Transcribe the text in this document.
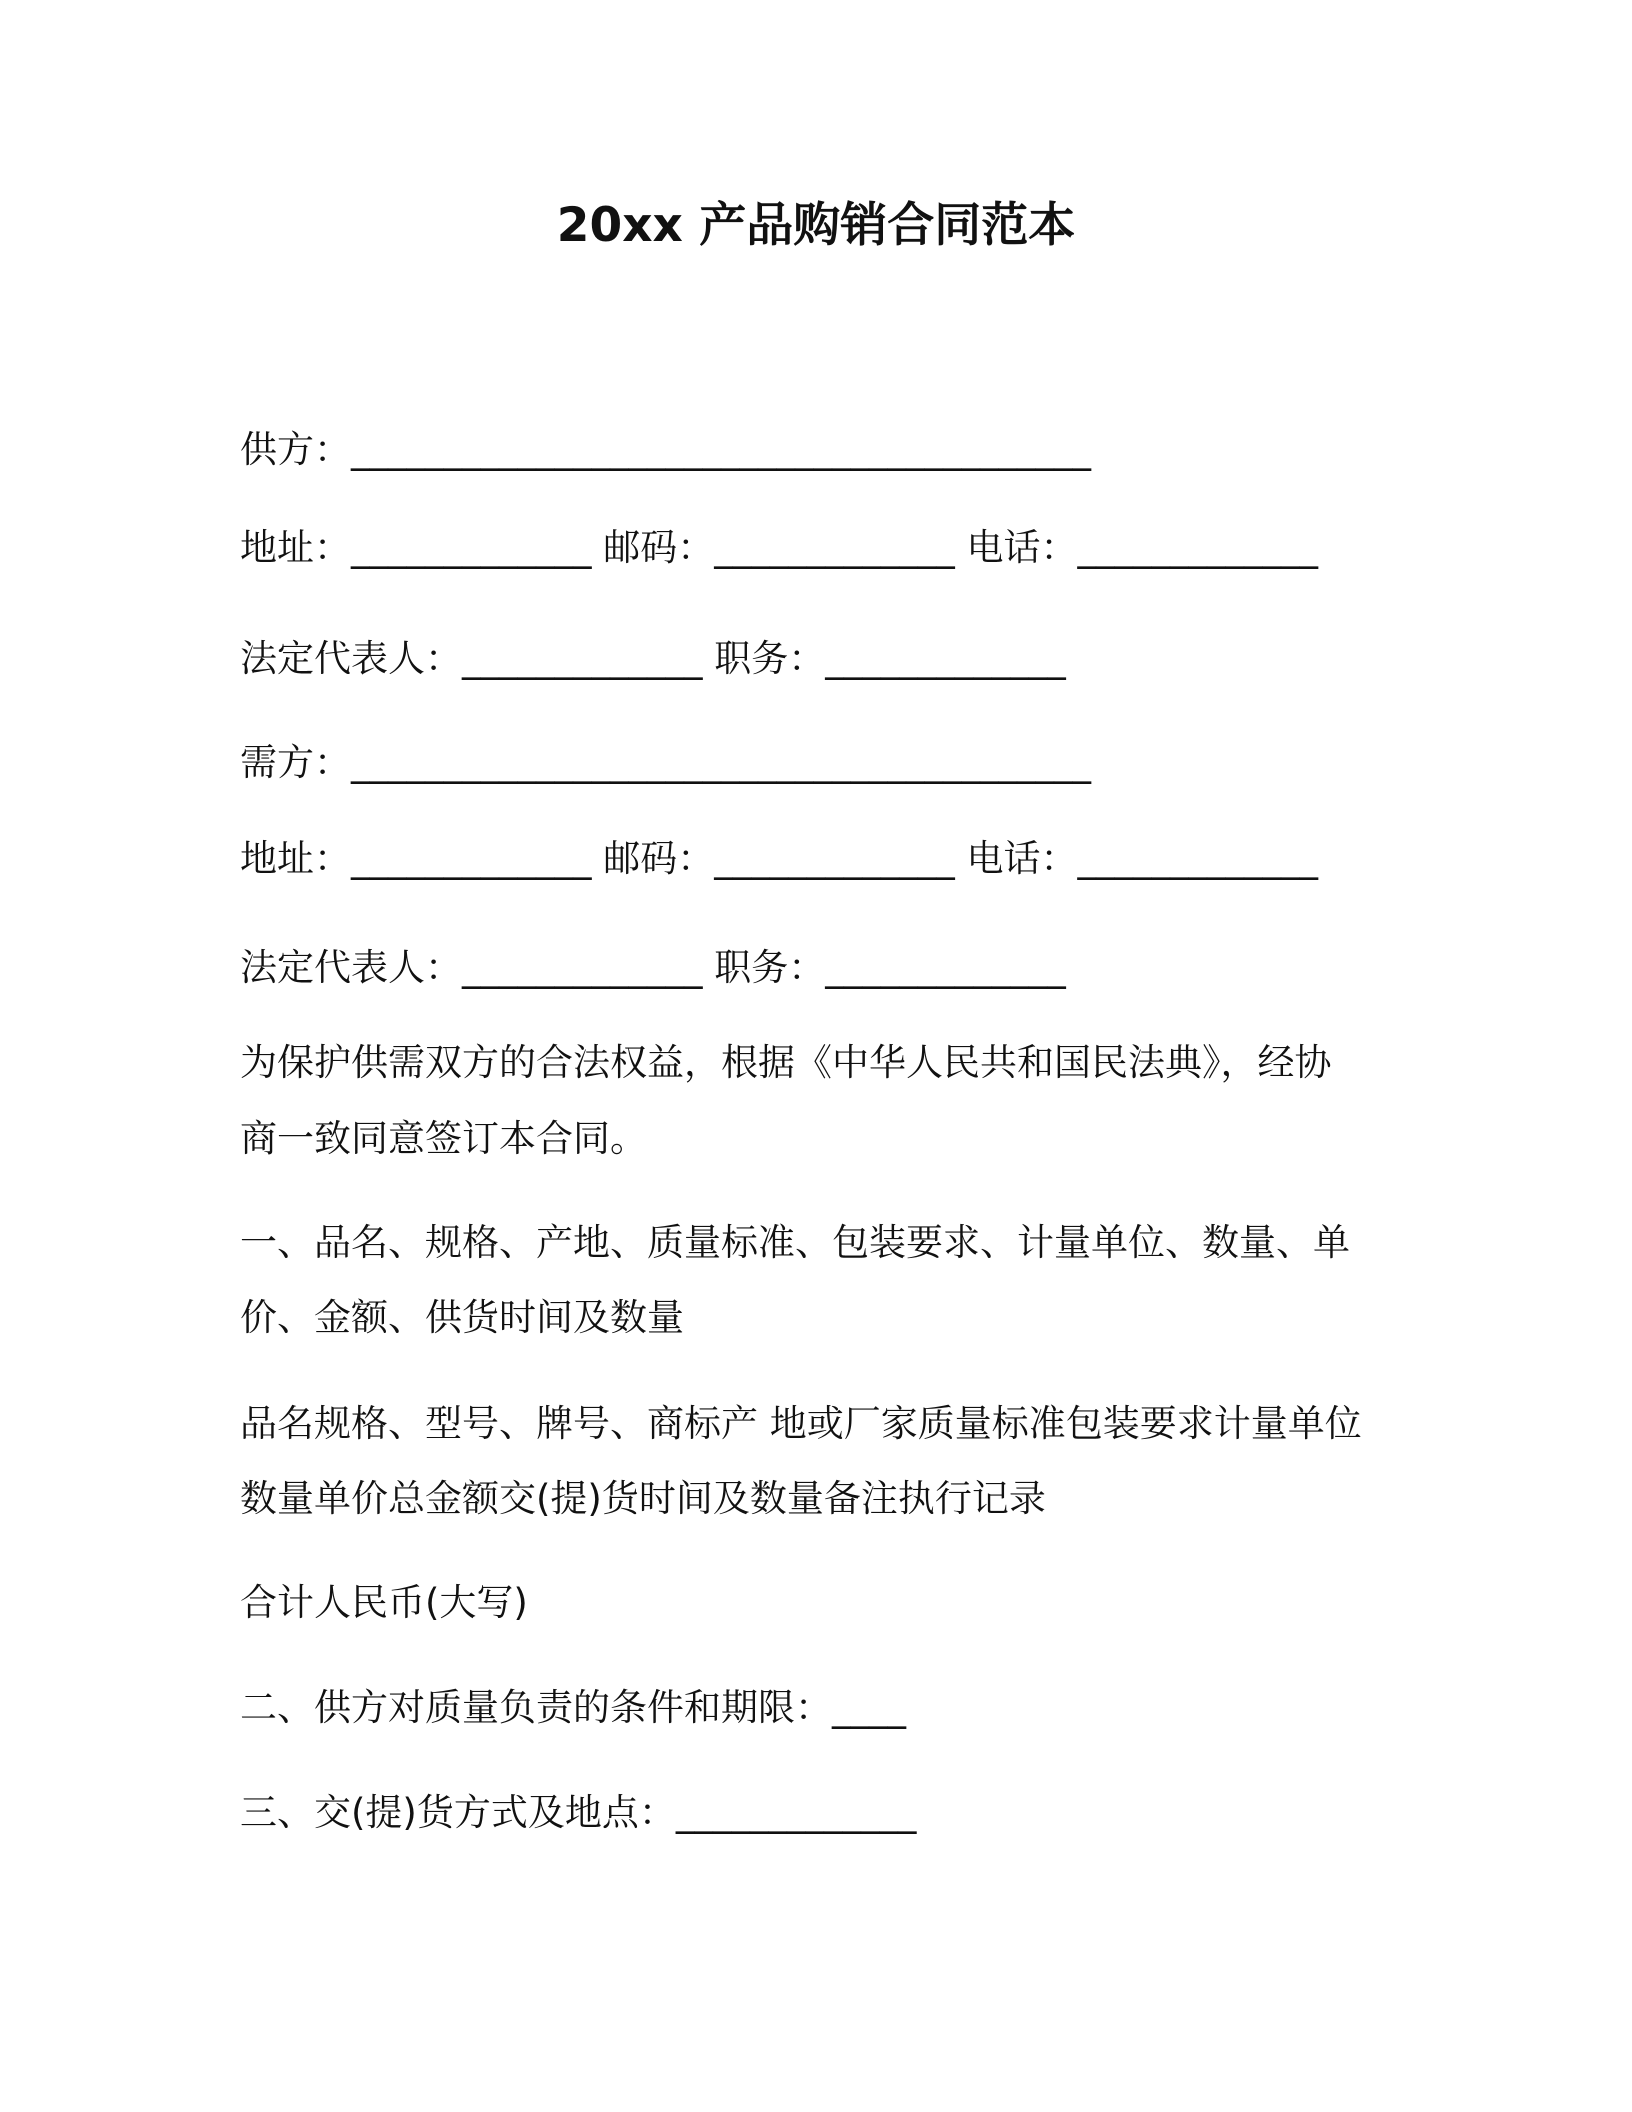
20xx 产品购销合同范本
供方：________________________________________
地址：_____________ 邮码：_____________ 电话：_____________
法定代表人：_____________ 职务：_____________
需方：________________________________________
地址：_____________ 邮码：_____________ 电话：_____________
法定代表人：_____________ 职务：_____________
为保护供需双方的合法权益，根据《中华人民共和国民法典》，经协
商一致同意签订本合同。
一、品名、规格、产地、质量标准、包装要求、计量单位、数量、单
价、金额、供货时间及数量
品名规格、型号、牌号、商标产 地或厂家质量标准包装要求计量单位
数量单价总金额交(提)货时间及数量备注执行记录
合计人民币(大写)
二、供方对质量负责的条件和期限：____
三、交(提)货方式及地点：_____________
